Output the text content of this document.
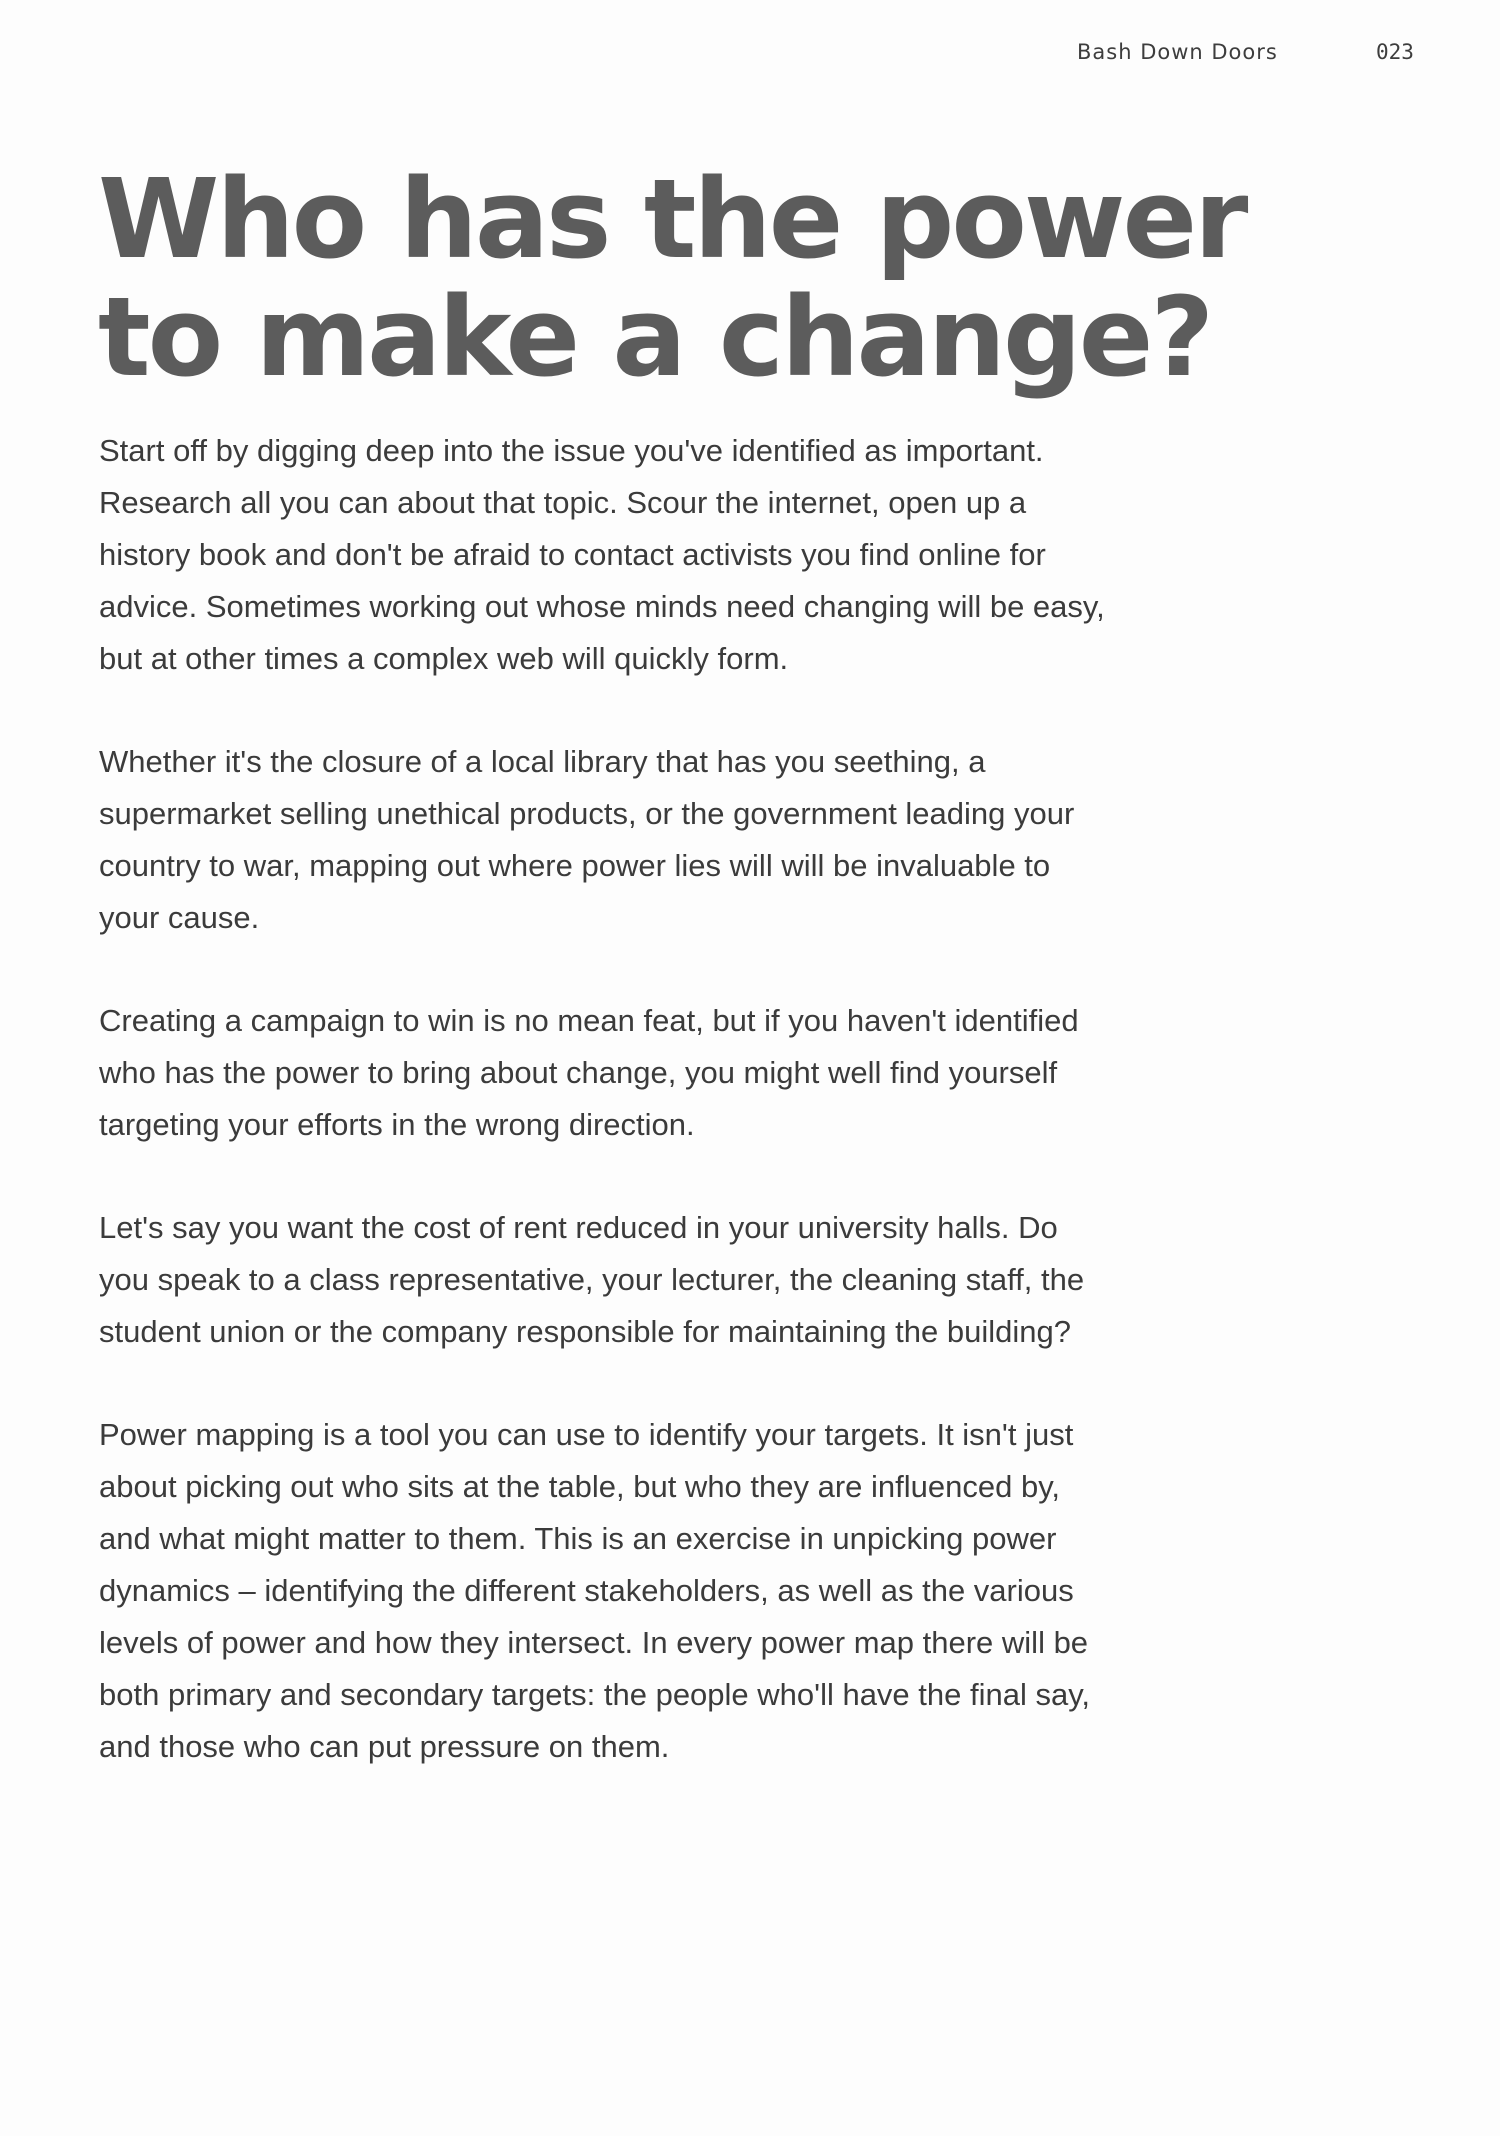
Bash Down Doors	023
Who has the power
to make a change?

Start off by digging deep into the issue you've identified as important. Research all you can about that topic. Scour the internet, open up a history book and don't be afraid to contact activists you find online for advice. Sometimes working out whose minds need changing will be easy, but at other times a complex web will quickly form.

Whether it's the closure of a local library that has you seething, a supermarket selling unethical products, or the government leading your country to war, mapping out where power lies will will be invaluable to your cause.

Creating a campaign to win is no mean feat, but if you haven't identified who has the power to bring about change, you might well find yourself targeting your efforts in the wrong direction.

Let's say you want the cost of rent reduced in your university halls. Do you speak to a class representative, your lecturer, the cleaning staff, the student union or the company responsible for maintaining the building?

Power mapping is a tool you can use to identify your targets. It isn't just about picking out who sits at the table, but who they are influenced by, and what might matter to them. This is an exercise in unpicking power dynamics – identifying the different stakeholders, as well as the various levels of power and how they intersect. In every power map there will be both primary and secondary targets: the people who'll have the final say, and those who can put pressure on them.
